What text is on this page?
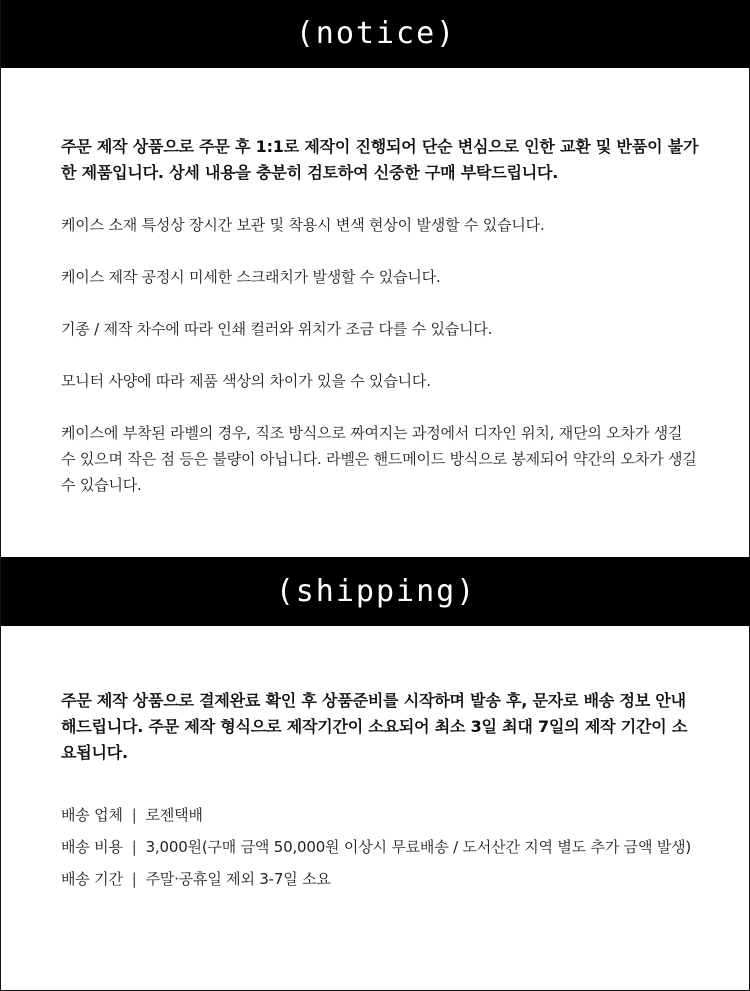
(notice)

주문 제작 상품으로 주문 후 1:1로 제작이 진행되어 단순 변심으로 인한 교환 및 반품이 불가한 제품입니다. 상세 내용을 충분히 검토하여 신중한 구매 부탁드립니다.

케이스 소재 특성상 장시간 보관 및 착용시 변색 현상이 발생할 수 있습니다.

케이스 제작 공정시 미세한 스크래치가 발생할 수 있습니다.

기종 / 제작 차수에 따라 인쇄 컬러와 위치가 조금 다를 수 있습니다.

모니터 사양에 따라 제품 색상의 차이가 있을 수 있습니다.

케이스에 부착된 라벨의 경우, 직조 방식으로 짜여지는 과정에서 디자인 위치, 재단의 오차가 생길 수 있으며 작은 점 등은 불량이 아닙니다. 라벨은 핸드메이드 방식으로 봉제되어 약간의 오차가 생길 수 있습니다.

(shipping)

주문 제작 상품으로 결제완료 확인 후 상품준비를 시작하며 발송 후, 문자로 배송 정보 안내해드립니다. 주문 제작 형식으로 제작기간이 소요되어 최소 3일 최대 7일의 제작 기간이 소요됩니다.

배송 업체 | 로젠택배

배송 비용 | 3,000원(구매 금액 50,000원 이상시 무료배송 / 도서산간 지역 별도 추가 금액 발생)

배송 기간 | 주말·공휴일 제외 3-7일 소요
